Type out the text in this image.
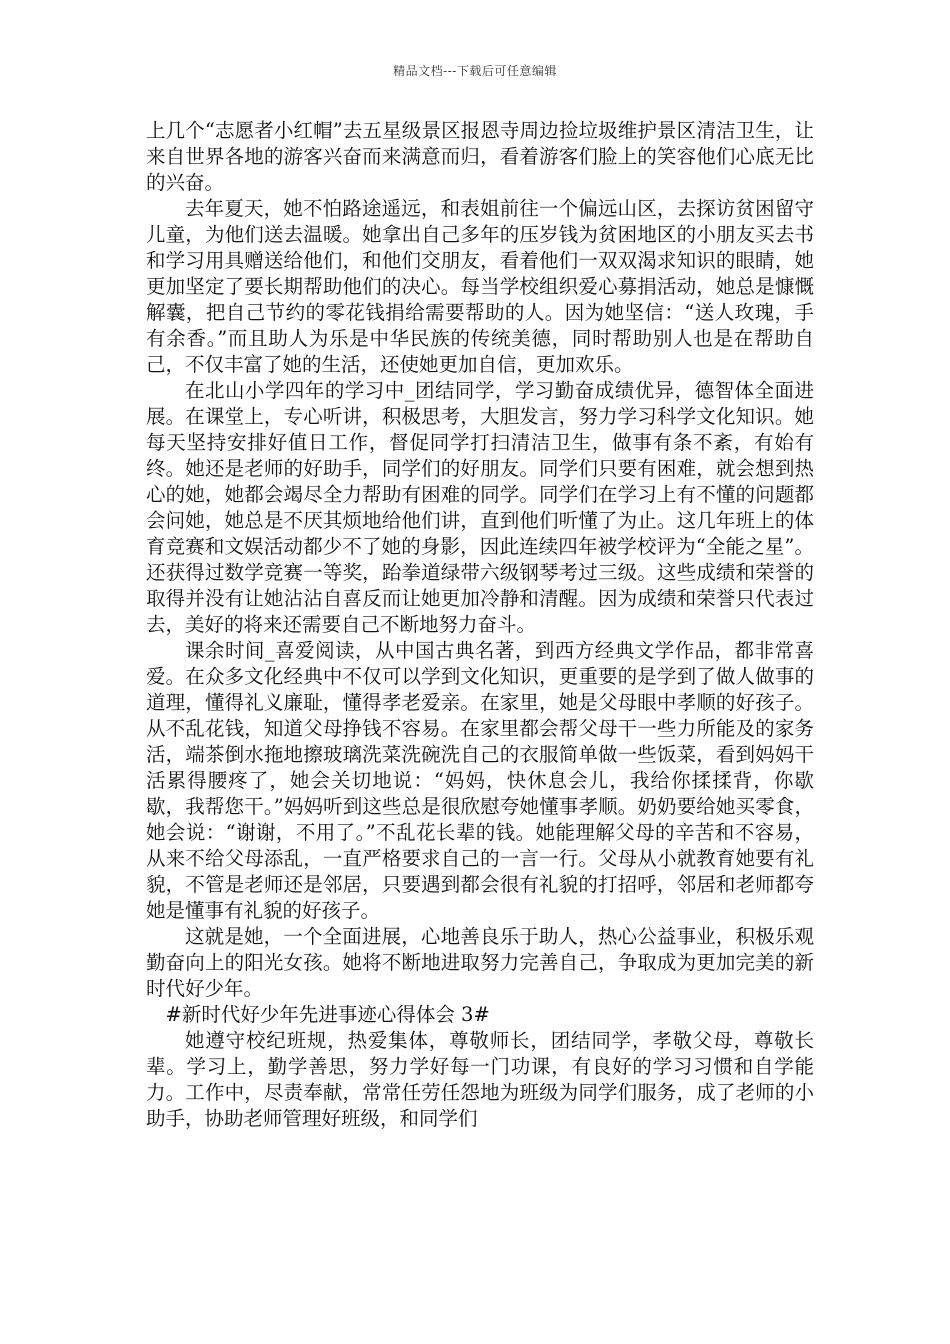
精品文档---下载后可任意编辑

上几个“志愿者小红帽”去五星级景区报恩寺周边捡垃圾维护景区清洁卫生，让来自世界各地的游客兴奋而来满意而归，看着游客们脸上的笑容他们心底无比的兴奋。

去年夏天，她不怕路途遥远，和表姐前往一个偏远山区，去探访贫困留守儿童，为他们送去温暖。她拿出自己多年的压岁钱为贫困地区的小朋友买去书和学习用具赠送给他们，和他们交朋友，看着他们一双双渴求知识的眼睛，她更加坚定了要长期帮助他们的决心。每当学校组织爱心募捐活动，她总是慷慨解囊，把自己节约的零花钱捐给需要帮助的人。因为她坚信：“送人玫瑰，手有余香。”而且助人为乐是中华民族的传统美德，同时帮助别人也是在帮助自己，不仅丰富了她的生活，还使她更加自信，更加欢乐。

在北山小学四年的学习中_团结同学，学习勤奋成绩优异，德智体全面进展。在课堂上，专心听讲，积极思考，大胆发言，努力学习科学文化知识。她每天坚持安排好值日工作，督促同学打扫清洁卫生，做事有条不紊，有始有终。她还是老师的好助手，同学们的好朋友。同学们只要有困难，就会想到热心的她，她都会竭尽全力帮助有困难的同学。同学们在学习上有不懂的问题都会问她，她总是不厌其烦地给他们讲，直到他们听懂了为止。这几年班上的体育竞赛和文娱活动都少不了她的身影，因此连续四年被学校评为“全能之星”。还获得过数学竞赛一等奖，跆拳道绿带六级钢琴考过三级。这些成绩和荣誉的取得并没有让她沾沾自喜反而让她更加冷静和清醒。因为成绩和荣誉只代表过去，美好的将来还需要自己不断地努力奋斗。

课余时间_喜爱阅读，从中国古典名著，到西方经典文学作品，都非常喜爱。在众多文化经典中不仅可以学到文化知识，更重要的是学到了做人做事的道理，懂得礼义廉耻，懂得孝老爱亲。在家里，她是父母眼中孝顺的好孩子。从不乱花钱，知道父母挣钱不容易。在家里都会帮父母干一些力所能及的家务活，端茶倒水拖地擦玻璃洗菜洗碗洗自己的衣服简单做一些饭菜，看到妈妈干活累得腰疼了，她会关切地说：“妈妈，快休息会儿，我给你揉揉背，你歇歇，我帮您干。”妈妈听到这些总是很欣慰夸她懂事孝顺。奶奶要给她买零食，她会说：“谢谢，不用了。”不乱花长辈的钱。她能理解父母的辛苦和不容易，从来不给父母添乱，一直严格要求自己的一言一行。父母从小就教育她要有礼貌，不管是老师还是邻居，只要遇到都会很有礼貌的打招呼，邻居和老师都夸她是懂事有礼貌的好孩子。

这就是她，一个全面进展，心地善良乐于助人，热心公益事业，积极乐观勤奋向上的阳光女孩。她将不断地进取努力完善自己，争取成为更加完美的新时代好少年。

#新时代好少年先进事迹心得体会 3#

她遵守校纪班规，热爱集体，尊敬师长，团结同学，孝敬父母，尊敬长辈。学习上，勤学善思，努力学好每一门功课，有良好的学习习惯和自学能力。工作中，尽责奉献，常常任劳任怨地为班级为同学们服务，成了老师的小助手，协助老师管理好班级，和同学们
